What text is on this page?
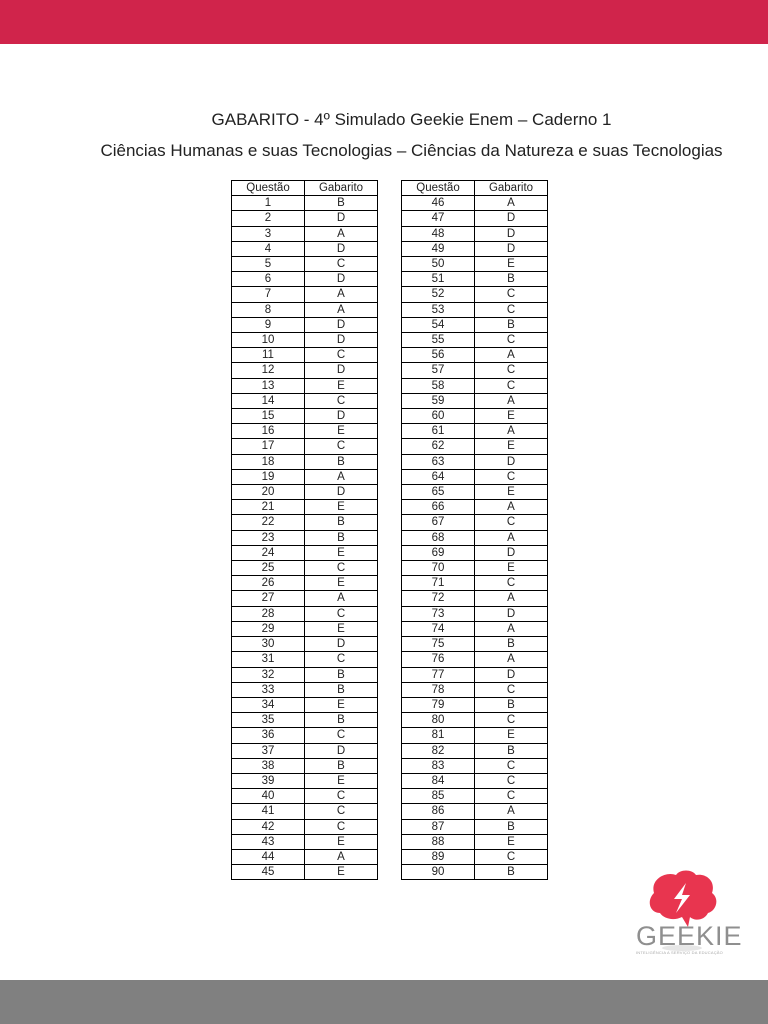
GABARITO - 4º Simulado Geekie Enem – Caderno 1
Ciências Humanas e suas Tecnologias – Ciências da Natureza e suas Tecnologias
Questão	Gabarito
1	B
2	D
3	A
4	D
5	C
6	D
7	A
8	A
9	D
10	D
11	C
12	D
13	E
14	C
15	D
16	E
17	C
18	B
19	A
20	D
21	E
22	B
23	B
24	E
25	C
26	E
27	A
28	C
29	E
30	D
31	C
32	B
33	B
34	E
35	B
36	C
37	D
38	B
39	E
40	C
41	C
42	C
43	E
44	A
45	E
Questão	Gabarito
46	A
47	D
48	D
49	D
50	E
51	B
52	C
53	C
54	B
55	C
56	A
57	C
58	C
59	A
60	E
61	A
62	E
63	D
64	C
65	E
66	A
67	C
68	A
69	D
70	E
71	C
72	A
73	D
74	A
75	B
76	A
77	D
78	C
79	B
80	C
81	E
82	B
83	C
84	C
85	C
86	A
87	B
88	E
89	C
90	B
GEEKIE
INTELIGÊNCIA A SERVIÇO DA EDUCAÇÃO
